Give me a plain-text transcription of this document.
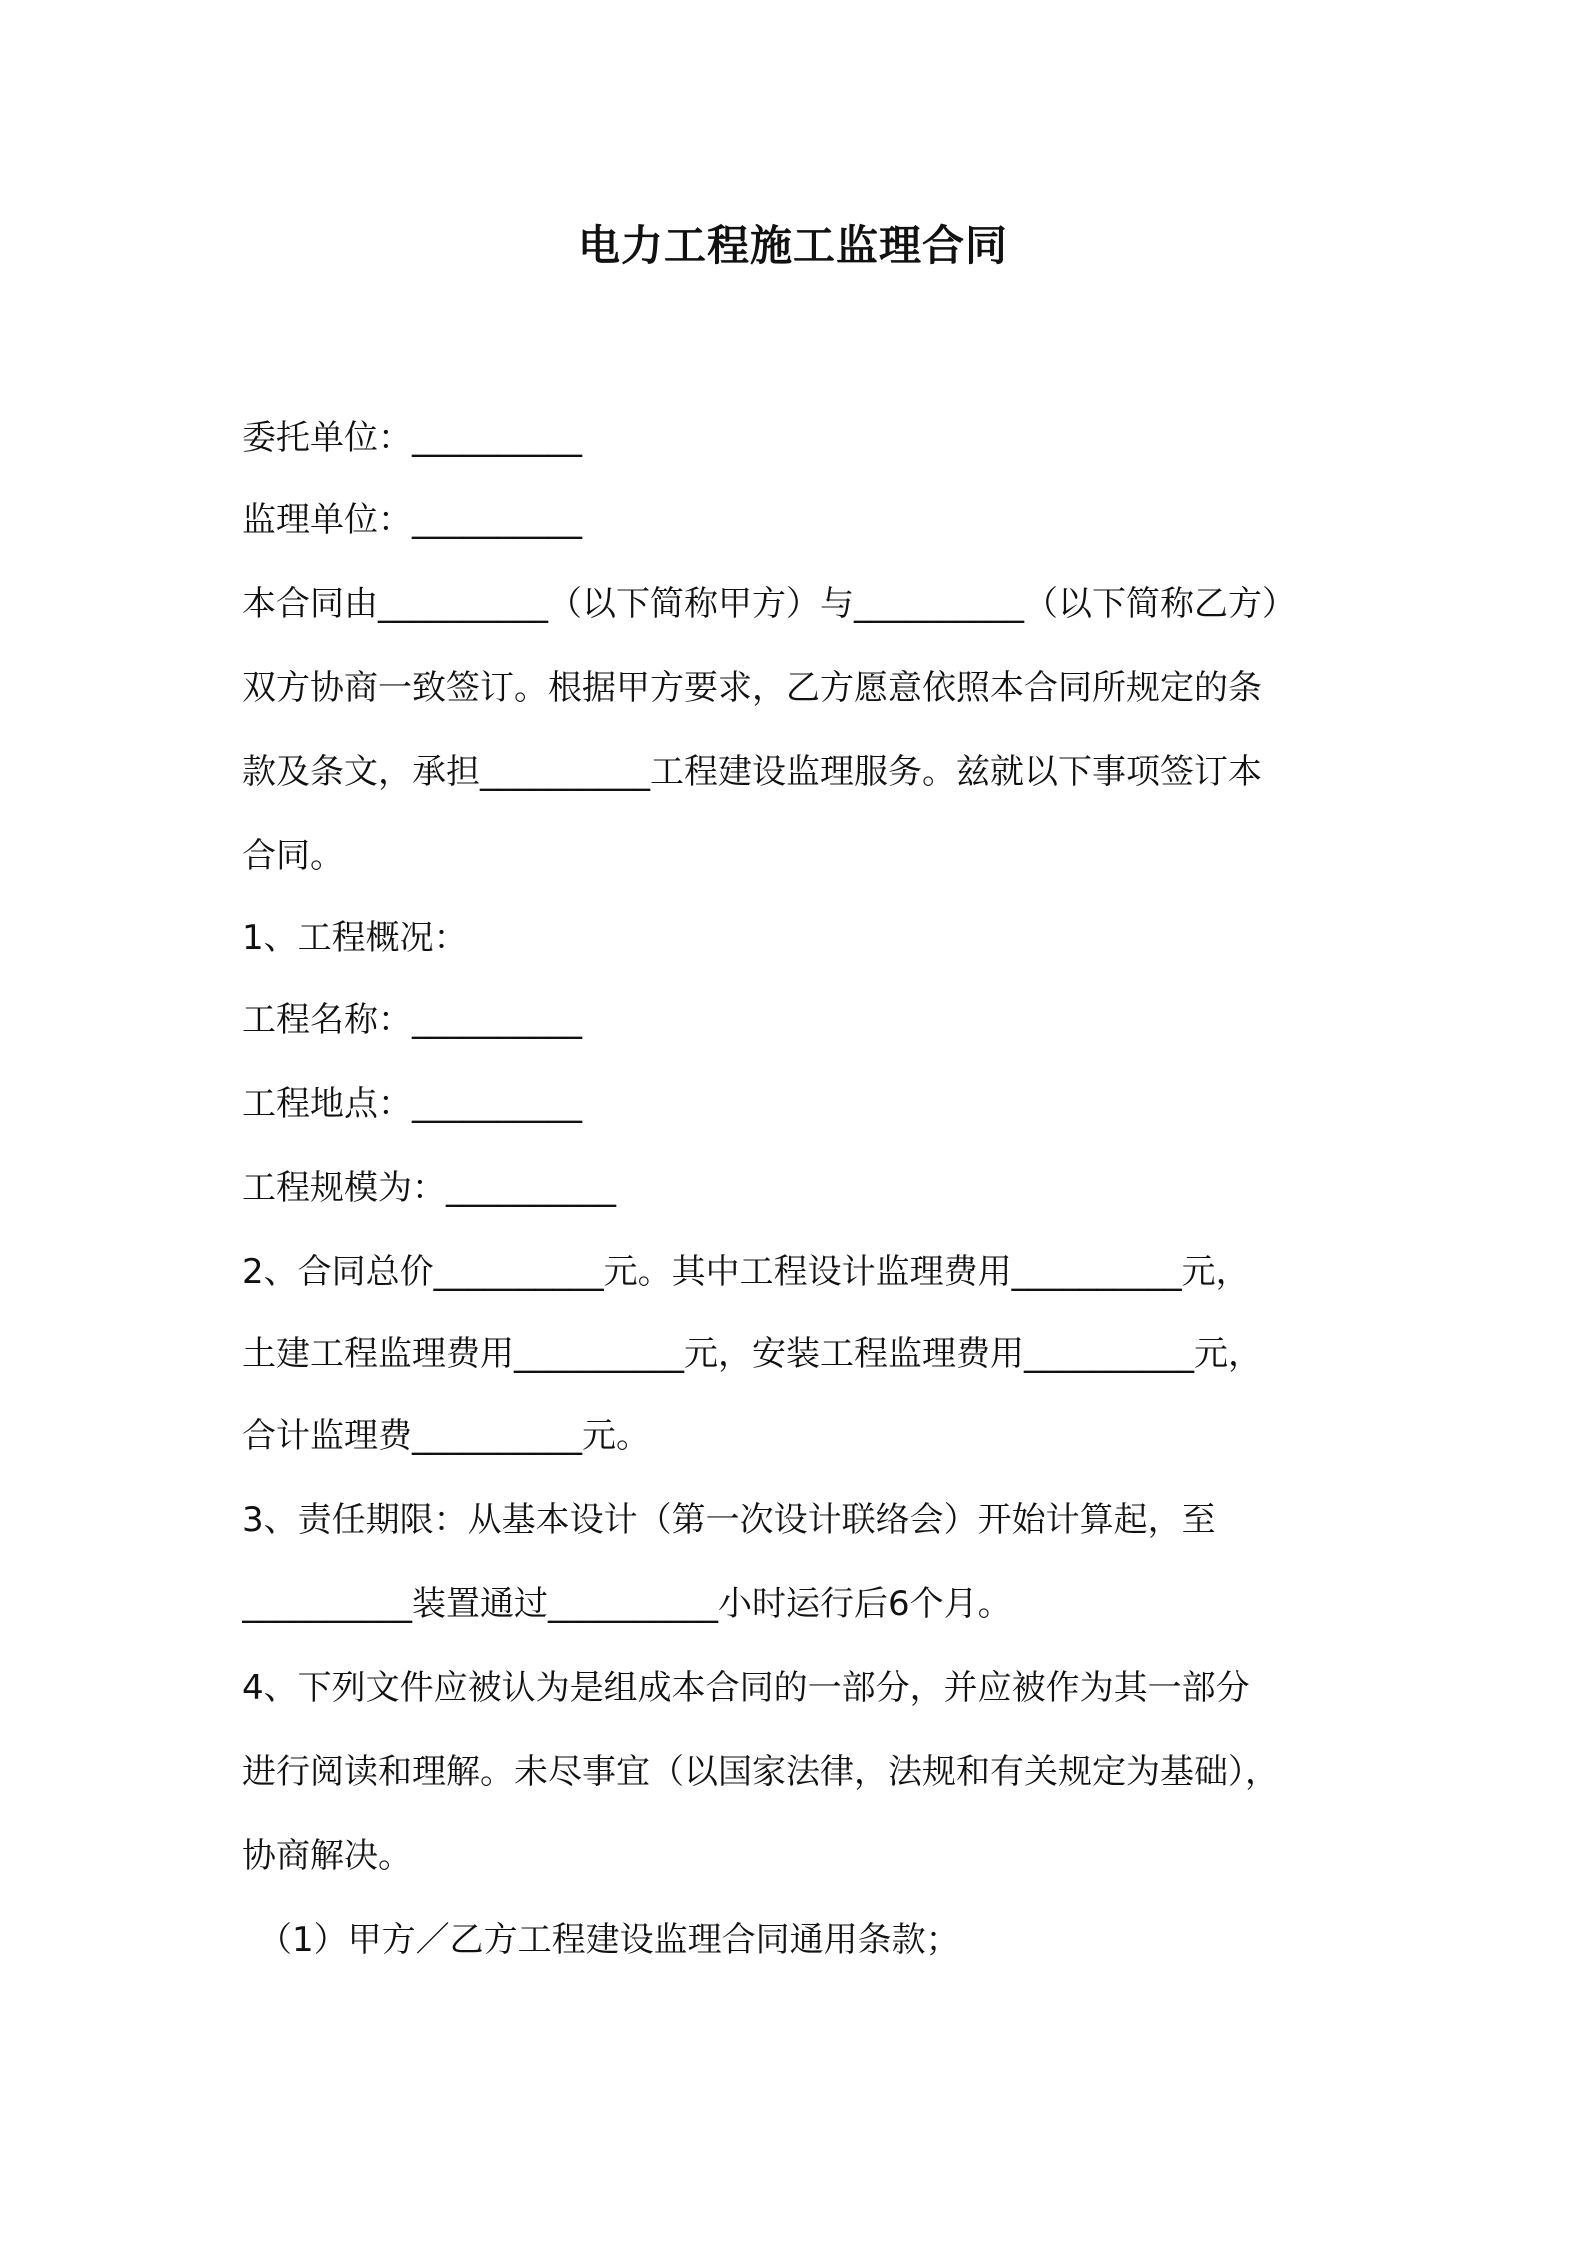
电力工程施工监理合同
委托单位：__________
监理单位：__________
本合同由__________（以下简称甲方）与__________（以下简称乙方）
双方协商一致签订。根据甲方要求，乙方愿意依照本合同所规定的条
款及条文，承担__________工程建设监理服务。兹就以下事项签订本
合同。
1、工程概况：
工程名称：__________
工程地点：__________
工程规模为：__________
2、合同总价__________元。其中工程设计监理费用__________元，
土建工程监理费用__________元，安装工程监理费用__________元，
合计监理费__________元。
3、责任期限：从基本设计（第一次设计联络会）开始计算起，至
__________装置通过__________小时运行后6个月。
4、下列文件应被认为是组成本合同的一部分，并应被作为其一部分
进行阅读和理解。未尽事宜（以国家法律，法规和有关规定为基础），
协商解决。
（1）甲方／乙方工程建设监理合同通用条款；
